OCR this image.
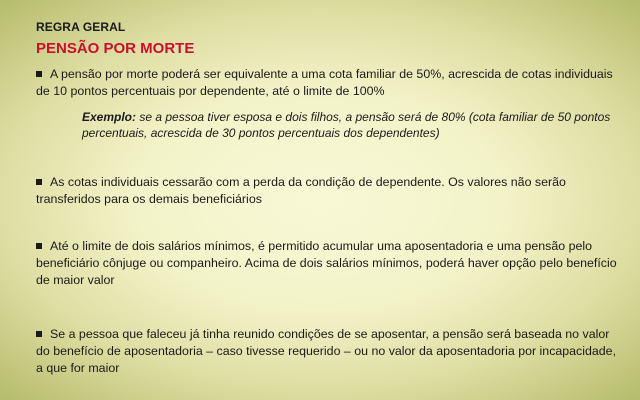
REGRA GERAL
PENSÃO POR MORTE
A pensão por morte poderá ser equivalente a uma cota familiar de 50%, acrescida de cotas individuais de 10 pontos percentuais por dependente, até o limite de 100%
Exemplo: se a pessoa tiver esposa e dois filhos, a pensão será de 80% (cota familiar de 50 pontos percentuais, acrescida de 30 pontos percentuais dos dependentes)
As cotas individuais cessarão com a perda da condição de dependente. Os valores não serão transferidos para os demais beneficiários
Até o limite de dois salários mínimos, é permitido acumular uma aposentadoria e uma pensão pelo beneficiário cônjuge ou companheiro. Acima de dois salários mínimos, poderá haver opção pelo benefício de maior valor
Se a pessoa que faleceu já tinha reunido condições de se aposentar, a pensão será baseada no valor do benefício de aposentadoria – caso tivesse requerido – ou no valor da aposentadoria por incapacidade, a que for maior
